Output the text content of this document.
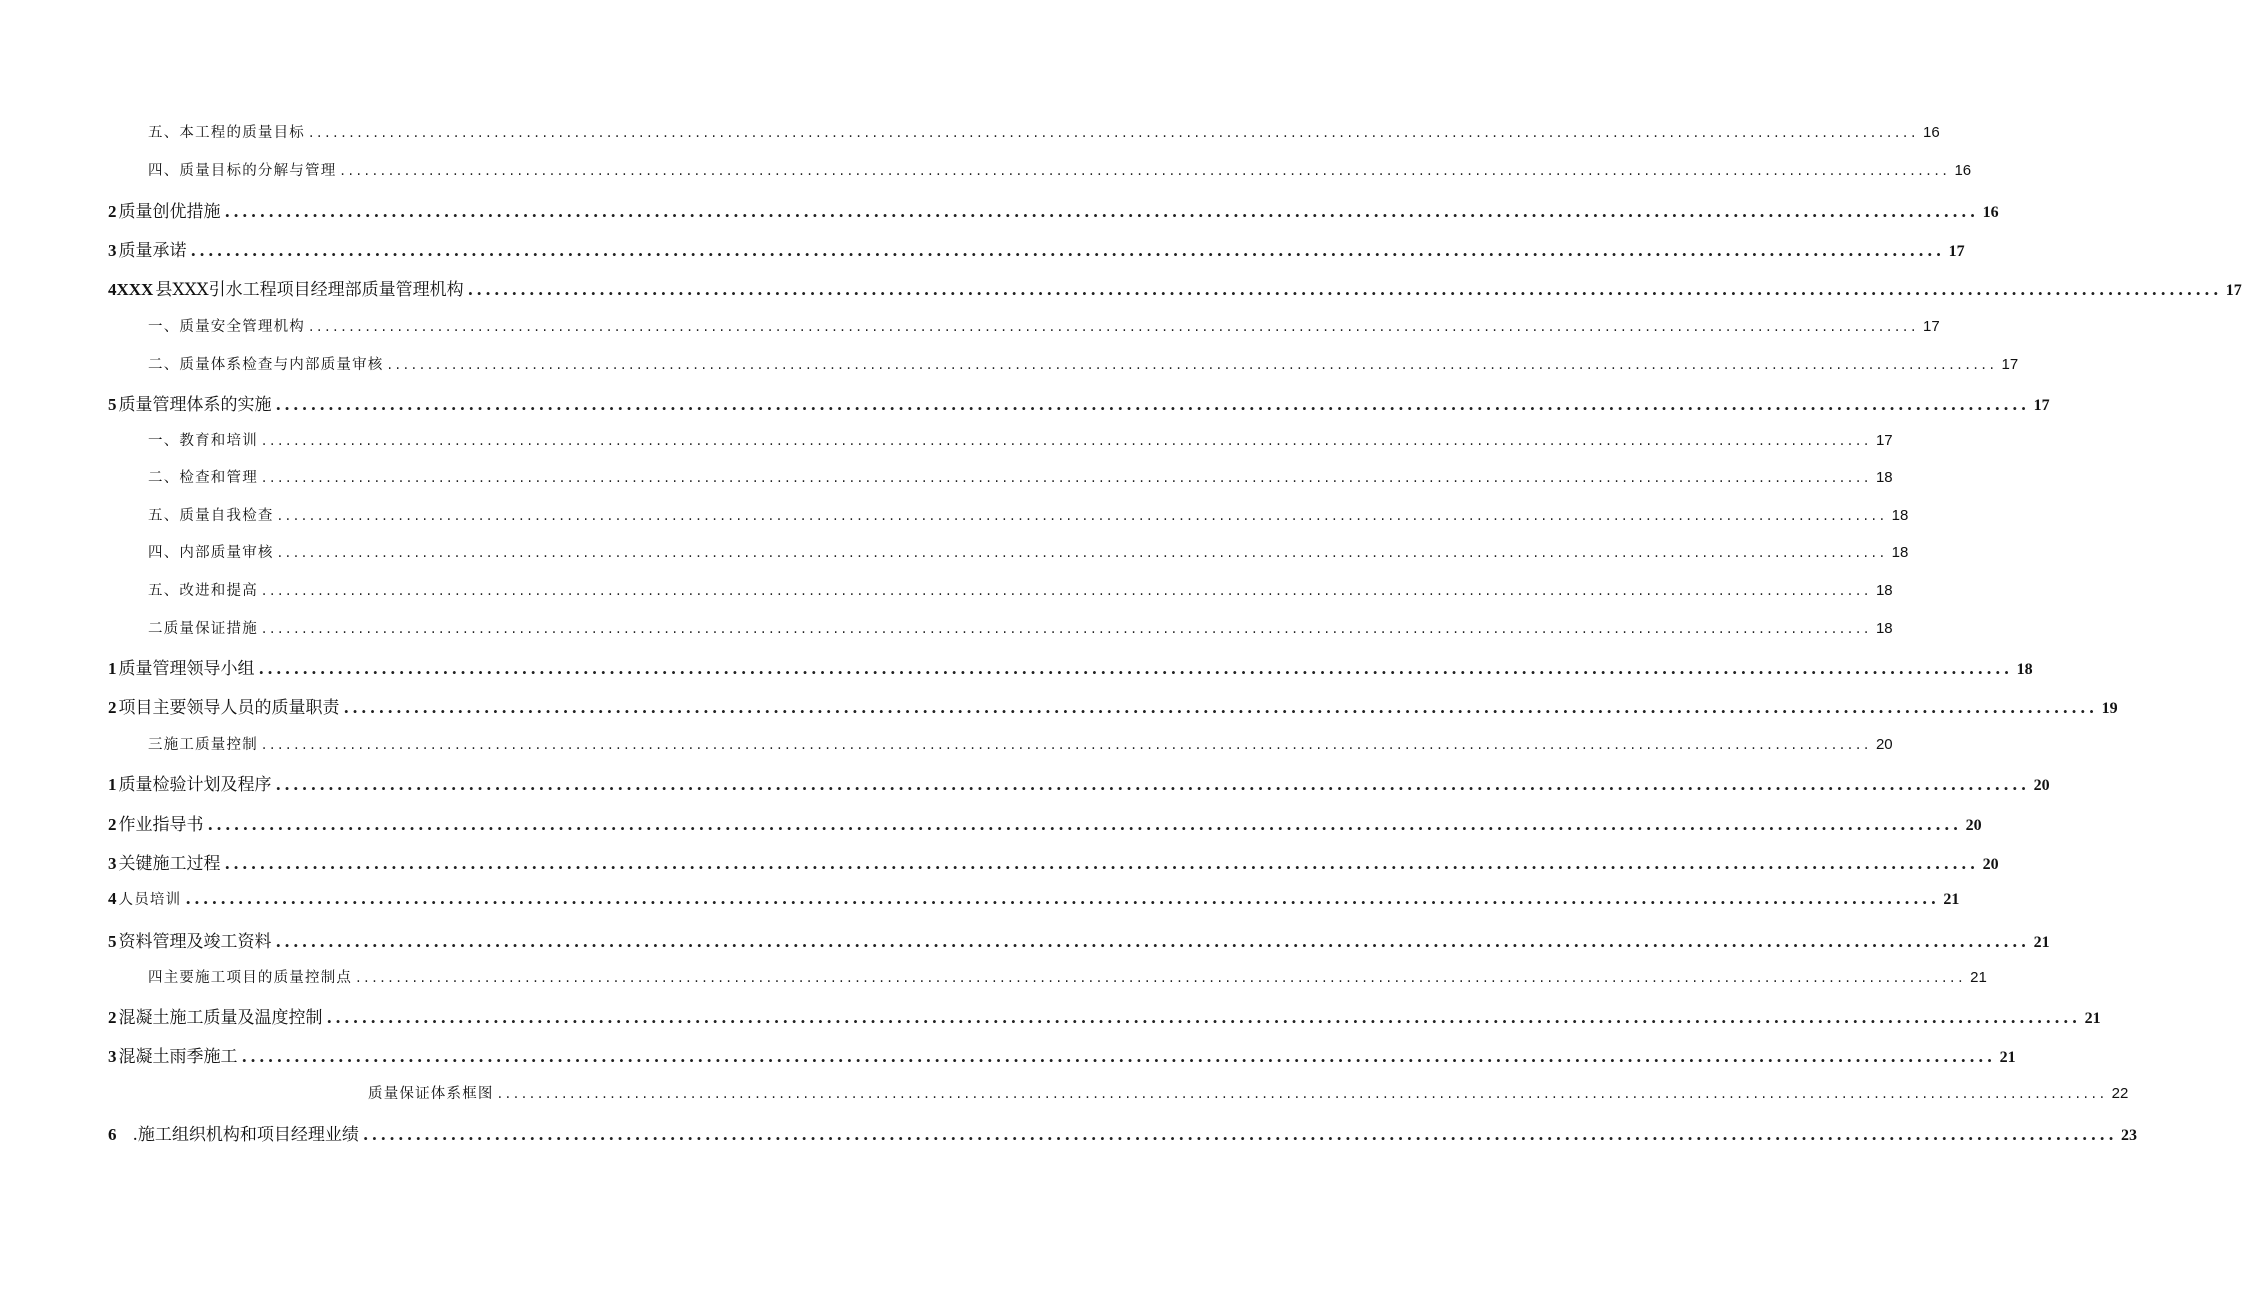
五、本工程的质量目标 ........................................................................................................................................................................................................ 16
四、质量目标的分解与管理 ........................................................................................................................................................................................................ 16
2 质量创优措施 ........................................................................................................................................................................................................ 16
3 质量承诺 ........................................................................................................................................................................................................ 17
4XXX 县XXX引水工程项目经理部质量管理机构 ........................................................................................................................................................................................................ 17
一、质量安全管理机构 ........................................................................................................................................................................................................ 17
二、质量体系检查与内部质量审核 ........................................................................................................................................................................................................ 17
5 质量管理体系的实施 ........................................................................................................................................................................................................ 17
一、教育和培训 ........................................................................................................................................................................................................ 17
二、检查和管理 ........................................................................................................................................................................................................ 18
五、质量自我检查 ........................................................................................................................................................................................................ 18
四、内部质量审核 ........................................................................................................................................................................................................ 18
五、改进和提高 ........................................................................................................................................................................................................ 18
二质量保证措施 ........................................................................................................................................................................................................ 18
1 质量管理领导小组 ........................................................................................................................................................................................................ 18
2 项目主要领导人员的质量职责 ........................................................................................................................................................................................................ 19
三施工质量控制 ........................................................................................................................................................................................................ 20
1 质量检验计划及程序 ........................................................................................................................................................................................................ 20
2 作业指导书 ........................................................................................................................................................................................................ 20
3 关键施工过程 ........................................................................................................................................................................................................ 20
4 人员培训 ........................................................................................................................................................................................................ 21
5 资料管理及竣工资料 ........................................................................................................................................................................................................ 21
四主要施工项目的质量控制点 ........................................................................................................................................................................................................ 21
2 混凝土施工质量及温度控制 ........................................................................................................................................................................................................ 21
3 混凝土雨季施工 ........................................................................................................................................................................................................ 21
质量保证体系框图 ........................................................................................................................................................................................................ 22
6 .施工组织机构和项目经理业绩 ........................................................................................................................................................................................................ 23
